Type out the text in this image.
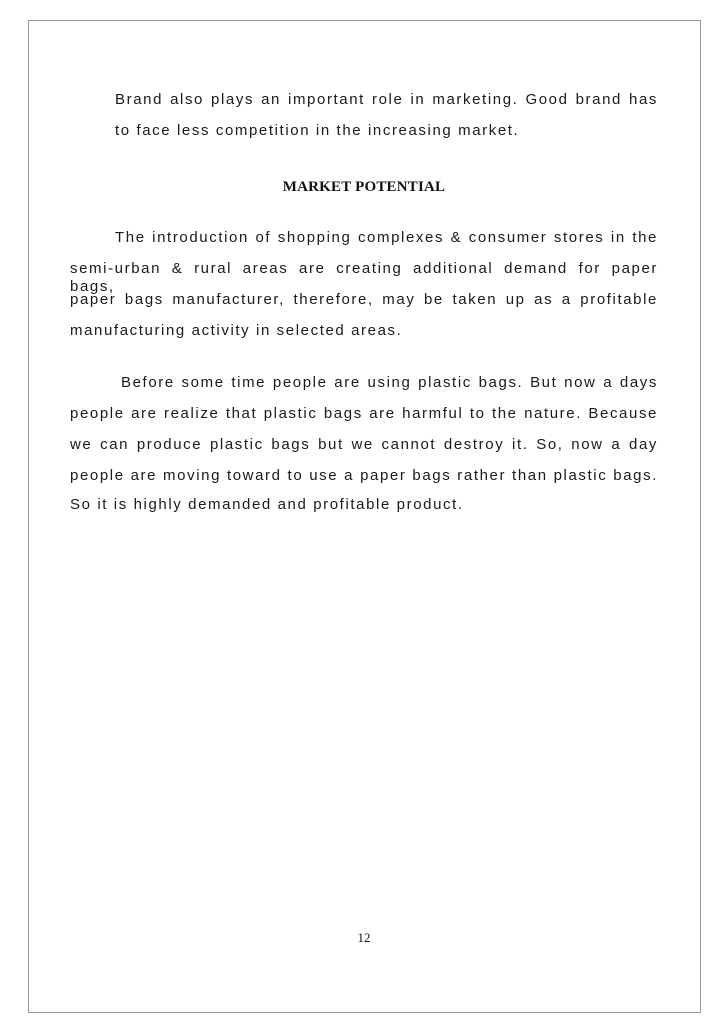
Brand also plays an important role in marketing. Good brand has
to face less competition in the increasing market.
MARKET POTENTIAL
The introduction of shopping complexes & consumer stores in the
semi-urban & rural areas are creating additional demand for paper bags,
paper bags manufacturer, therefore, may be taken up as a profitable
manufacturing activity in selected areas.
Before some time people are using plastic bags. But now a days
people are realize that plastic bags are harmful to the nature. Because
we can produce plastic bags but we cannot destroy it. So, now a day
people are moving toward to use a paper bags rather than plastic bags.
So it is highly demanded and profitable product.
12
